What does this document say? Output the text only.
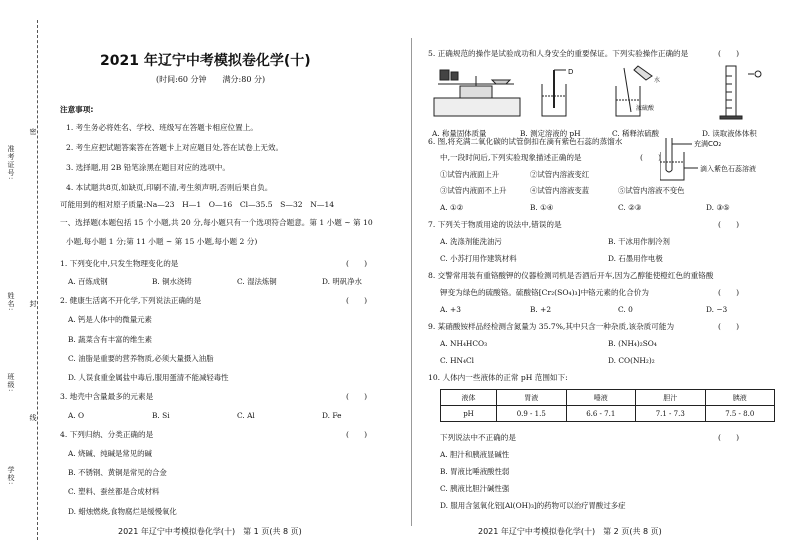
准考证号:
密
姓名: 封
班级:
线
学校:
2021 年辽宁中考模拟卷化学(十)
(时间:60 分钟　　满分:80 分)
注意事项:
1. 考生务必将姓名、学校、班级写在答题卡相应位置上。
2. 考生应把试题答案答在答题卡上对应题目处,答在试卷上无效。
3. 选择题,用 2B 铅笔涂黑在题目对应的选项中。
4. 本试题共8页,如缺页,印刷不清,考生须声明,否则后果自负。
可能用到的相对原子质量:Na—23　H—1　O—16　Cl—35.5　S—32　N—14
一、选择题(本题包括 15 个小题,共 20 分,每小题只有一个选项符合题意。第 1 小题 ~ 第 10
小题,每小题 1 分;第 11 小题 ~ 第 15 小题,每小题 2 分)
1. 下列变化中,只发生物理变化的是	(　　)
A. 百炼成钢	B. 铜水浇铸	C. 湿法炼铜	D. 明矾净水
2. 健康生活离不开化学,下列说法正确的是	(　　)
A. 钙是人体中的微量元素
B. 蔬菜含有丰富的维生素
C. 油脂是重要的营养物质,必须大量摄入油脂
D. 人误食重金属盐中毒后,服用蛋清不能减轻毒性
3. 地壳中含量最多的元素是	(　　)
A. O	B. Si	C. Al	D. Fe
4. 下列归纳、分类正确的是	(　　)
A. 烧碱、纯碱是常见的碱
B. 不锈钢、黄铜是常见的合金
C. 塑料、蚕丝都是合成材料
D. 蜡烛燃烧,食物腐烂是缓慢氧化
2021 年辽宁中考模拟卷化学(十)　第 1 页(共 8 页)
5. 正确规范的操作是试验成功和人身安全的重要保证。下列实验操作正确的是	(　　)
D
水
浓硫酸
A. 称量固体质量	B. 测定溶液的 pH	C. 稀释浓硫酸	D. 读取液体体积
6. 图,将充满二氧化碳的试管倒扣在滴有紫色石蕊的蒸馏水
中,一段时间后,下列实验现象描述正确的是	(　　)
充满CO₂
滴入紫色石蕊溶液
①试管内液面上升	②试管内溶液变红
③试管内液面不上升	④试管内溶液变蓝	⑤试管内溶液不变色
A. ①②	B. ①④	C. ②③	D. ③⑤
7. 下列关于物质用途的说法中,错误的是	(　　)
A. 洗涤剂能洗油污	B. 干冰用作制冷剂
C. 小苏打用作建筑材料	D. 石墨用作电极
8. 交警常用装有重铬酸钾的仪器检测司机是否酒后开车,因为乙醇能使橙红色的重铬酸
钾变为绿色的硫酸铬。硫酸铬[Cr₂(SO₄)₃]中铬元素的化合价为	(　　)
A. +3	B. +2	C. 0	D. −3
9. 某硝酸铵样品经检测含氮量为 35.7%,其中只含一种杂质,该杂质可能为	(　　)
A. NH₄HCO₃	B. (NH₄)₂SO₄
C. HN₄Cl	D. CO(NH₂)₂
10. 人体内一些液体的正常 pH 范围如下:
液体	胃液	唾液	胆汁	胰液
pH	0.9 - 1.5	6.6 - 7.1	7.1 - 7.3	7.5 - 8.0
下列说法中不正确的是	(　　)
A. 胆汁和胰液显碱性
B. 胃液比唾液酸性弱
C. 胰液比胆汁碱性强
D. 服用含氢氧化铝[Al(OH)₃]的药物可以治疗胃酸过多症
2021 年辽宁中考模拟卷化学(十)　第 2 页(共 8 页)
